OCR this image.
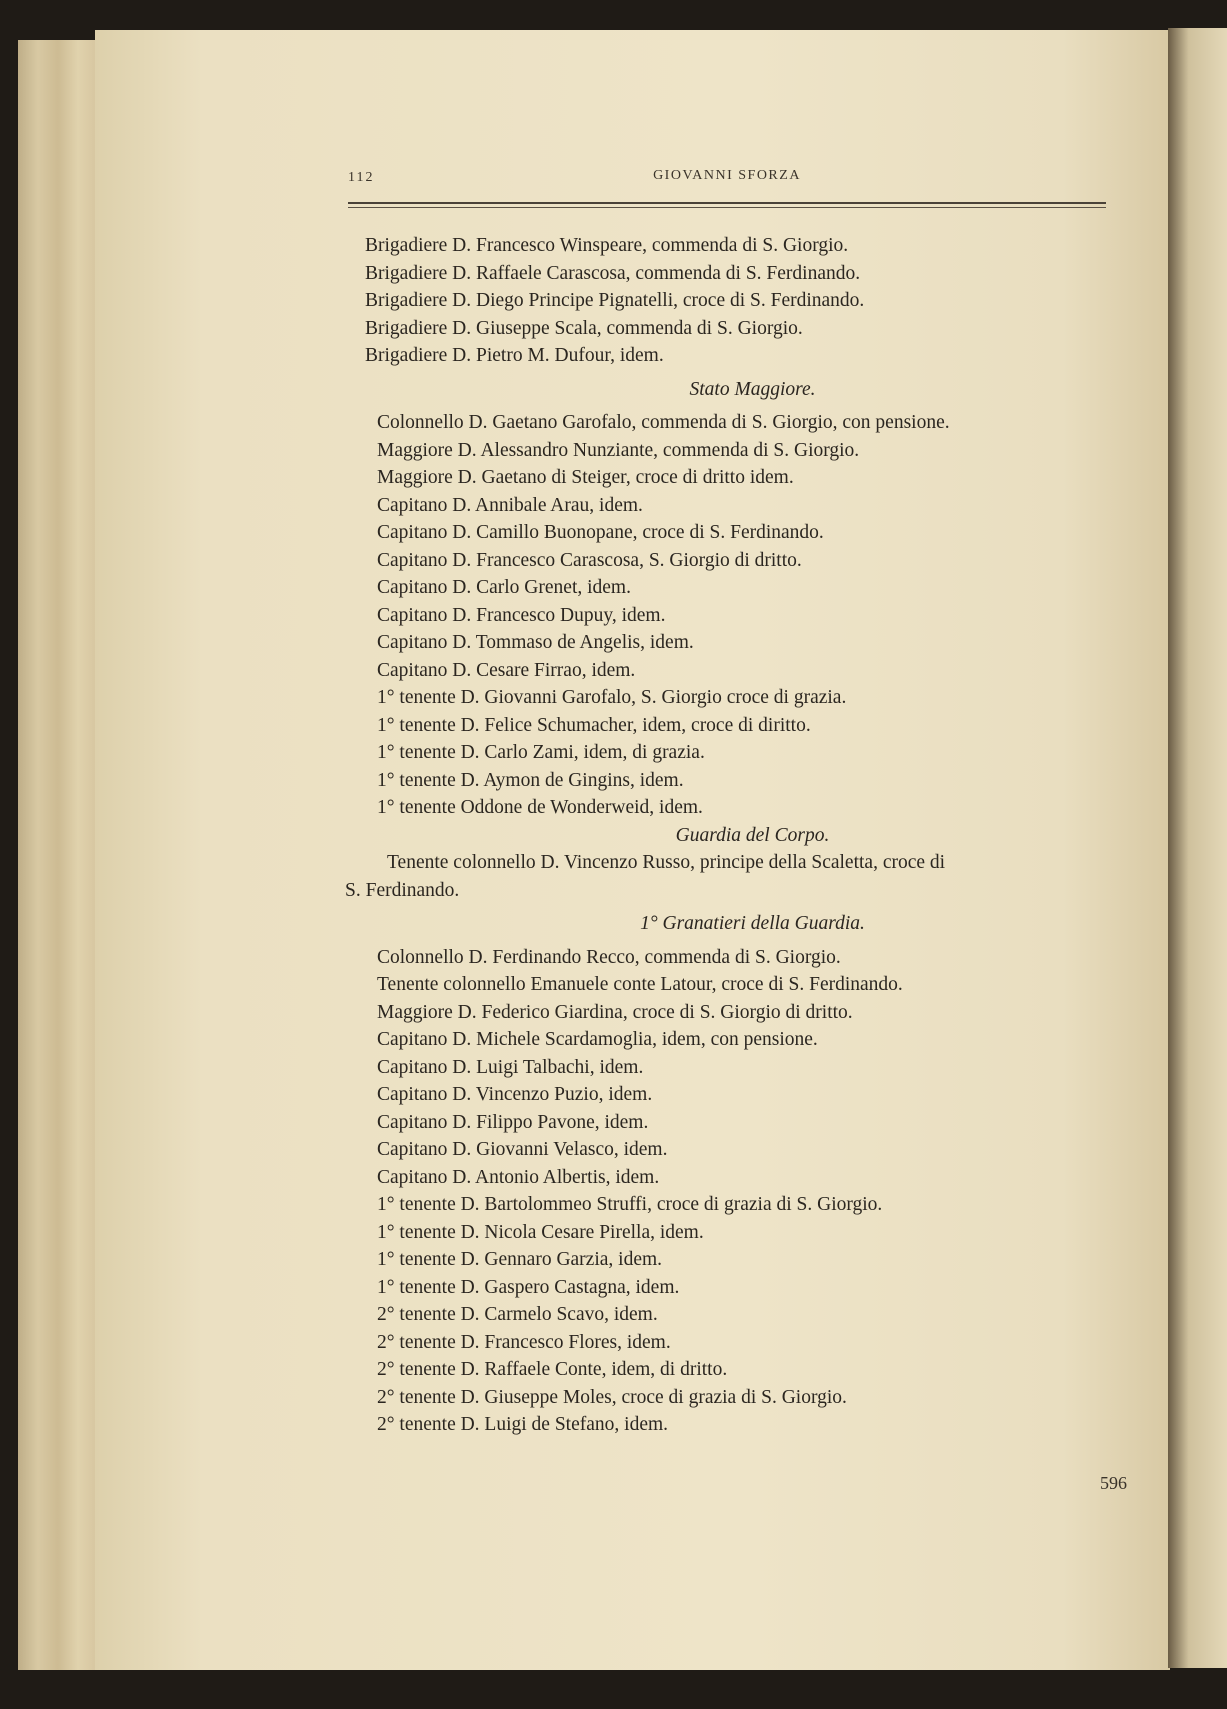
112	GIOVANNI SFORZA
Brigadiere D. Francesco Winspeare, commenda di S. Giorgio.
Brigadiere D. Raffaele Carascosa, commenda di S. Ferdinando.
Brigadiere D. Diego Principe Pignatelli, croce di S. Ferdinando.
Brigadiere D. Giuseppe Scala, commenda di S. Giorgio.
Brigadiere D. Pietro M. Dufour, idem.
Stato Maggiore.
Colonnello D. Gaetano Garofalo, commenda di S. Giorgio, con pensione.
Maggiore D. Alessandro Nunziante, commenda di S. Giorgio.
Maggiore D. Gaetano di Steiger, croce di dritto idem.
Capitano D. Annibale Arau, idem.
Capitano D. Camillo Buonopane, croce di S. Ferdinando.
Capitano D. Francesco Carascosa, S. Giorgio di dritto.
Capitano D. Carlo Grenet, idem.
Capitano D. Francesco Dupuy, idem.
Capitano D. Tommaso de Angelis, idem.
Capitano D. Cesare Firrao, idem.
1° tenente D. Giovanni Garofalo, S. Giorgio croce di grazia.
1° tenente D. Felice Schumacher, idem, croce di diritto.
1° tenente D. Carlo Zami, idem, di grazia.
1° tenente D. Aymon de Gingins, idem.
1° tenente Oddone de Wonderweid, idem.
Guardia del Corpo.
Tenente colonnello D. Vincenzo Russo, principe della Scaletta, croce di
S. Ferdinando.
1° Granatieri della Guardia.
Colonnello D. Ferdinando Recco, commenda di S. Giorgio.
Tenente colonnello Emanuele conte Latour, croce di S. Ferdinando.
Maggiore D. Federico Giardina, croce di S. Giorgio di dritto.
Capitano D. Michele Scardamoglia, idem, con pensione.
Capitano D. Luigi Talbachi, idem.
Capitano D. Vincenzo Puzio, idem.
Capitano D. Filippo Pavone, idem.
Capitano D. Giovanni Velasco, idem.
Capitano D. Antonio Albertis, idem.
1° tenente D. Bartolommeo Struffi, croce di grazia di S. Giorgio.
1° tenente D. Nicola Cesare Pirella, idem.
1° tenente D. Gennaro Garzia, idem.
1° tenente D. Gaspero Castagna, idem.
2° tenente D. Carmelo Scavo, idem.
2° tenente D. Francesco Flores, idem.
2° tenente D. Raffaele Conte, idem, di dritto.
2° tenente D. Giuseppe Moles, croce di grazia di S. Giorgio.
2° tenente D. Luigi de Stefano, idem.
596
